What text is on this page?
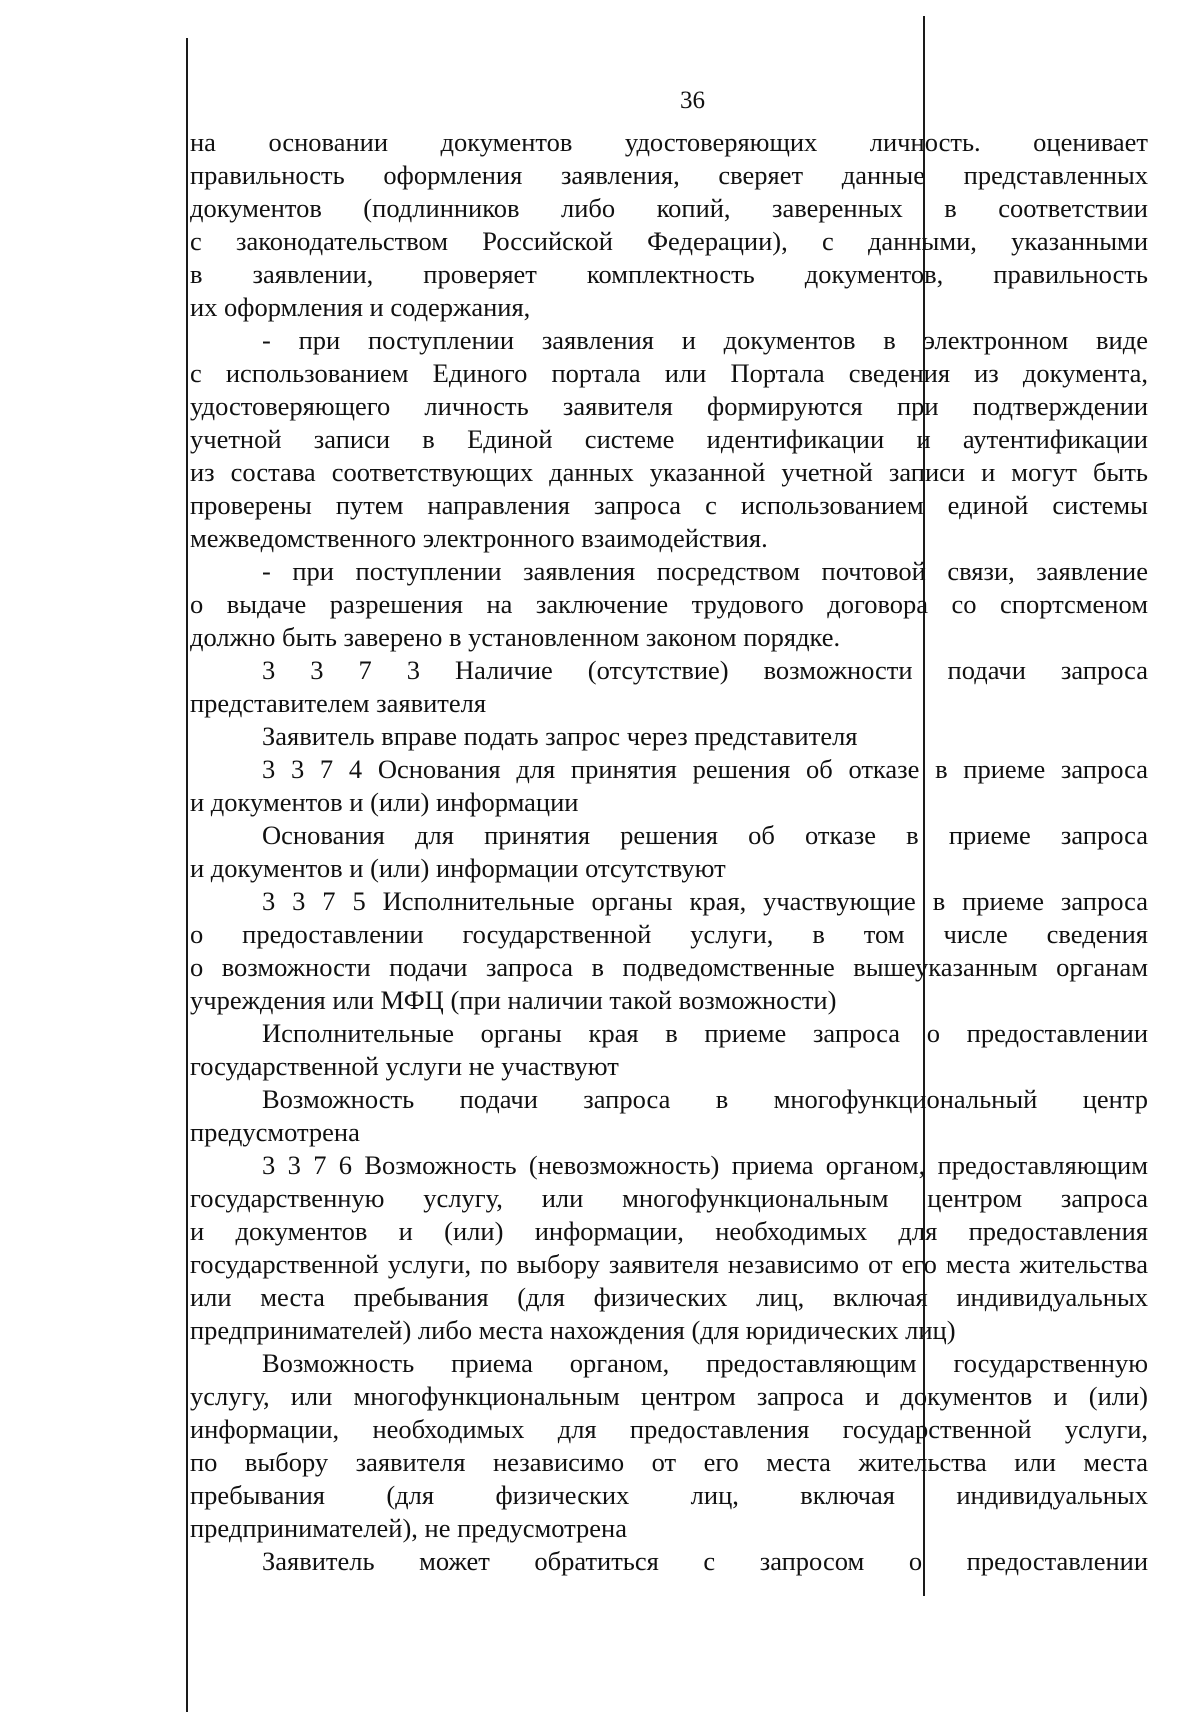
36
на основании документов удостоверяющих личность. оценивает
правильность оформления заявления, сверяет данные представленных
документов (подлинников либо копий, заверенных в соответствии
с законодательством Российской Федерации), с данными, указанными
в заявлении, проверяет комплектность документов, правильность
их оформления и содержания,
- при поступлении заявления и документов в электронном виде
с использованием Единого портала или Портала сведения из документа,
удостоверяющего личность заявителя формируются при подтверждении
учетной записи в Единой системе идентификации и аутентификации
из состава соответствующих данных указанной учетной записи и могут быть
проверены путем направления запроса с использованием единой системы
межведомственного электронного взаимодействия.
- при поступлении заявления посредством почтовой связи, заявление
о выдаче разрешения на заключение трудового договора со спортсменом
должно быть заверено в установленном законом порядке.
3 3 7 3 Наличие (отсутствие) возможности подачи запроса
представителем заявителя
Заявитель вправе подать запрос через представителя
3 3 7 4 Основания для принятия решения об отказе в приеме запроса
и документов и (или) информации
Основания для принятия решения об отказе в приеме запроса
и документов и (или) информации отсутствуют
3 3 7 5 Исполнительные органы края, участвующие в приеме запроса
о предоставлении государственной услуги, в том числе сведения
о возможности подачи запроса в подведомственные вышеуказанным органам
учреждения или МФЦ (при наличии такой возможности)
Исполнительные органы края в приеме запроса о предоставлении
государственной услуги не участвуют
Возможность подачи запроса в многофункциональный центр
предусмотрена
3 3 7 6 Возможность (невозможность) приема органом, предоставляющим
государственную услугу, или многофункциональным центром запроса
и документов и (или) информации, необходимых для предоставления
государственной услуги, по выбору заявителя независимо от его места жительства
или места пребывания (для физических лиц, включая индивидуальных
предпринимателей) либо места нахождения (для юридических лиц)
Возможность приема органом, предоставляющим государственную
услугу, или многофункциональным центром запроса и документов и (или)
информации, необходимых для предоставления государственной услуги,
по выбору заявителя независимо от его места жительства или места
пребывания (для физических лиц, включая индивидуальных
предпринимателей), не предусмотрена
Заявитель может обратиться с запросом о предоставлении
